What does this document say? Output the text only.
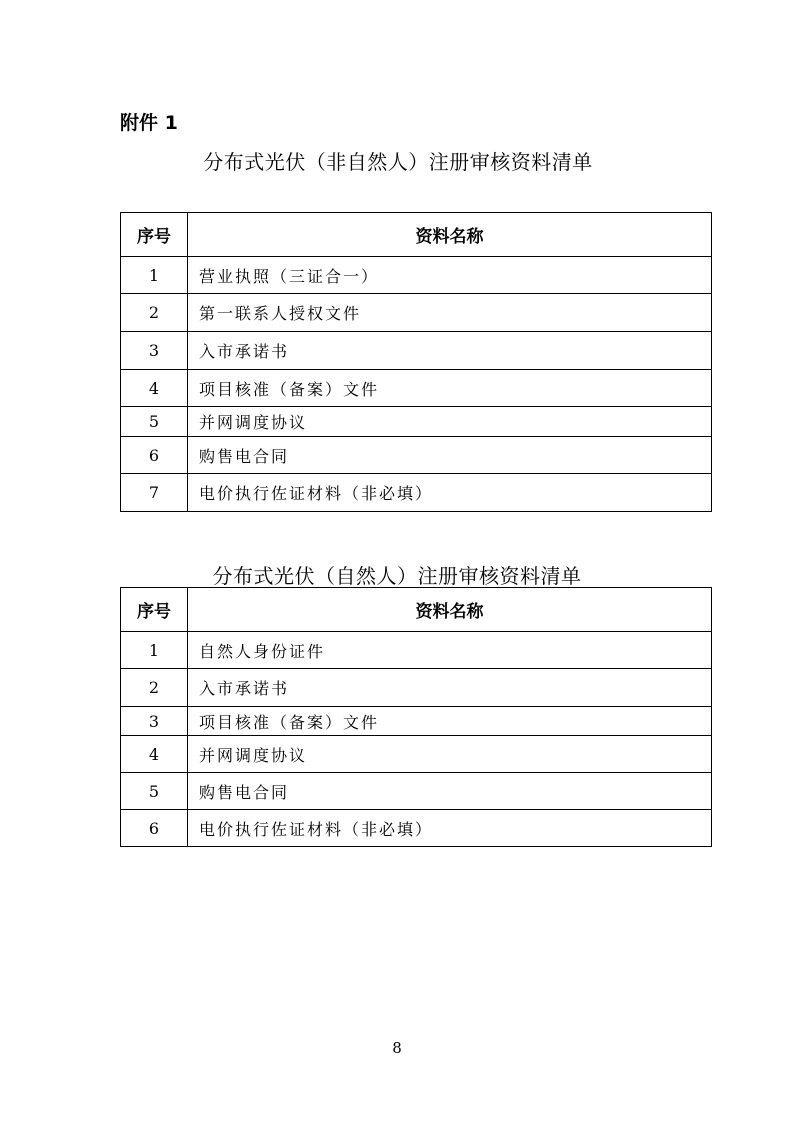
附件 1
分布式光伏（非自然人）注册审核资料清单
序号	资料名称
1	营业执照（三证合一）
2	第一联系人授权文件
3	入市承诺书
4	项目核准（备案）文件
5	并网调度协议
6	购售电合同
7	电价执行佐证材料（非必填）
分布式光伏（自然人）注册审核资料清单
序号	资料名称
1	自然人身份证件
2	入市承诺书
3	项目核准（备案）文件
4	并网调度协议
5	购售电合同
6	电价执行佐证材料（非必填）
8
